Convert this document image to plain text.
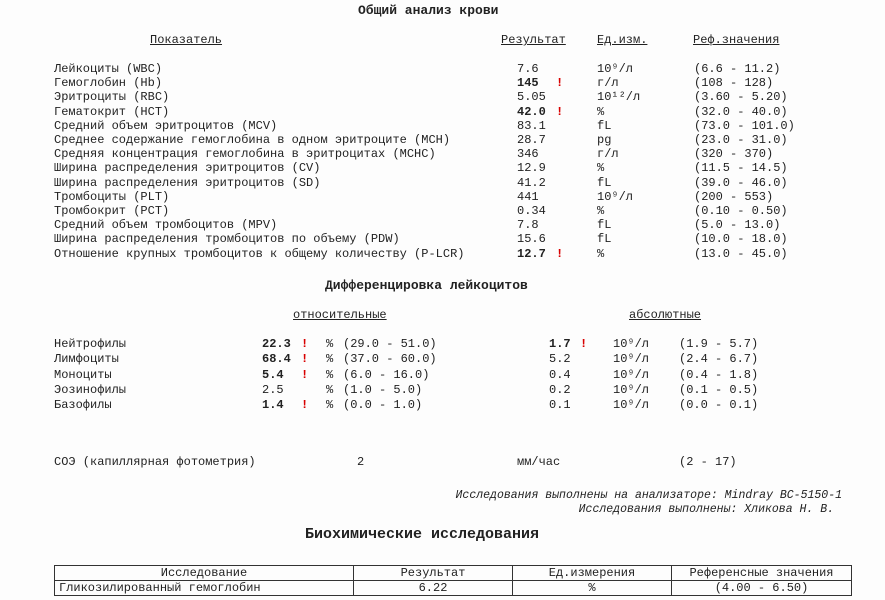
Общий анализ крови
Показатель	Результат	Ед.изм.	Реф.значения
Лейкоциты (WBC)	7.6	10⁹/л	(6.6 - 11.2)
Гемоглобин (Hb)	145 !	г/л	(108 - 128)
Эритроциты (RBC)	5.05	10¹²/л	(3.60 - 5.20)
Гематокрит (HCT)	42.0 !	%	(32.0 - 40.0)
Средний объем эритроцитов (MCV)	83.1	fL	(73.0 - 101.0)
Среднее содержание гемоглобина в одном эритроците (MCH)	28.7	pg	(23.0 - 31.0)
Средняя концентрация гемоглобина в эритроцитах (MCHC)	346	г/л	(320 - 370)
Ширина распределения эритроцитов (CV)	12.9	%	(11.5 - 14.5)
Ширина распределения эритроцитов (SD)	41.2	fL	(39.0 - 46.0)
Тромбоциты (PLT)	441	10⁹/л	(200 - 553)
Тромбокрит (PCT)	0.34	%	(0.10 - 0.50)
Средний объем тромбоцитов (MPV)	7.8	fL	(5.0 - 13.0)
Ширина распределения тромбоцитов по объему (PDW)	15.6	fL	(10.0 - 18.0)
Отношение крупных тромбоцитов к общему количеству (P-LCR)	12.7 !	%	(13.0 - 45.0)
Дифференцировка лейкоцитов
относительные	абсолютные
Нейтрофилы	22.3 ! % (29.0 - 51.0)	1.7 ! 10⁹/л (1.9 - 5.7)
Лимфоциты	68.4 ! % (37.0 - 60.0)	5.2	10⁹/л (2.4 - 6.7)
Моноциты	5.4 ! % (6.0 - 16.0)	0.4	10⁹/л (0.4 - 1.8)
Эозинофилы	2.5	% (1.0 - 5.0)	0.2	10⁹/л (0.1 - 0.5)
Базофилы	1.4 ! % (0.0 - 1.0)	0.1	10⁹/л (0.0 - 0.1)
СОЭ (капиллярная фотометрия)	2	мм/час	(2 - 17)
Исследования выполнены на анализаторе: Mindray BC-5150-1
Исследования выполнены: Хликова Н. В.
Биохимические исследования
Исследование	Результат	Ед.измерения	Референсные значения
Гликозилированный гемоглобин	6.22	%	(4.00 - 6.50)
